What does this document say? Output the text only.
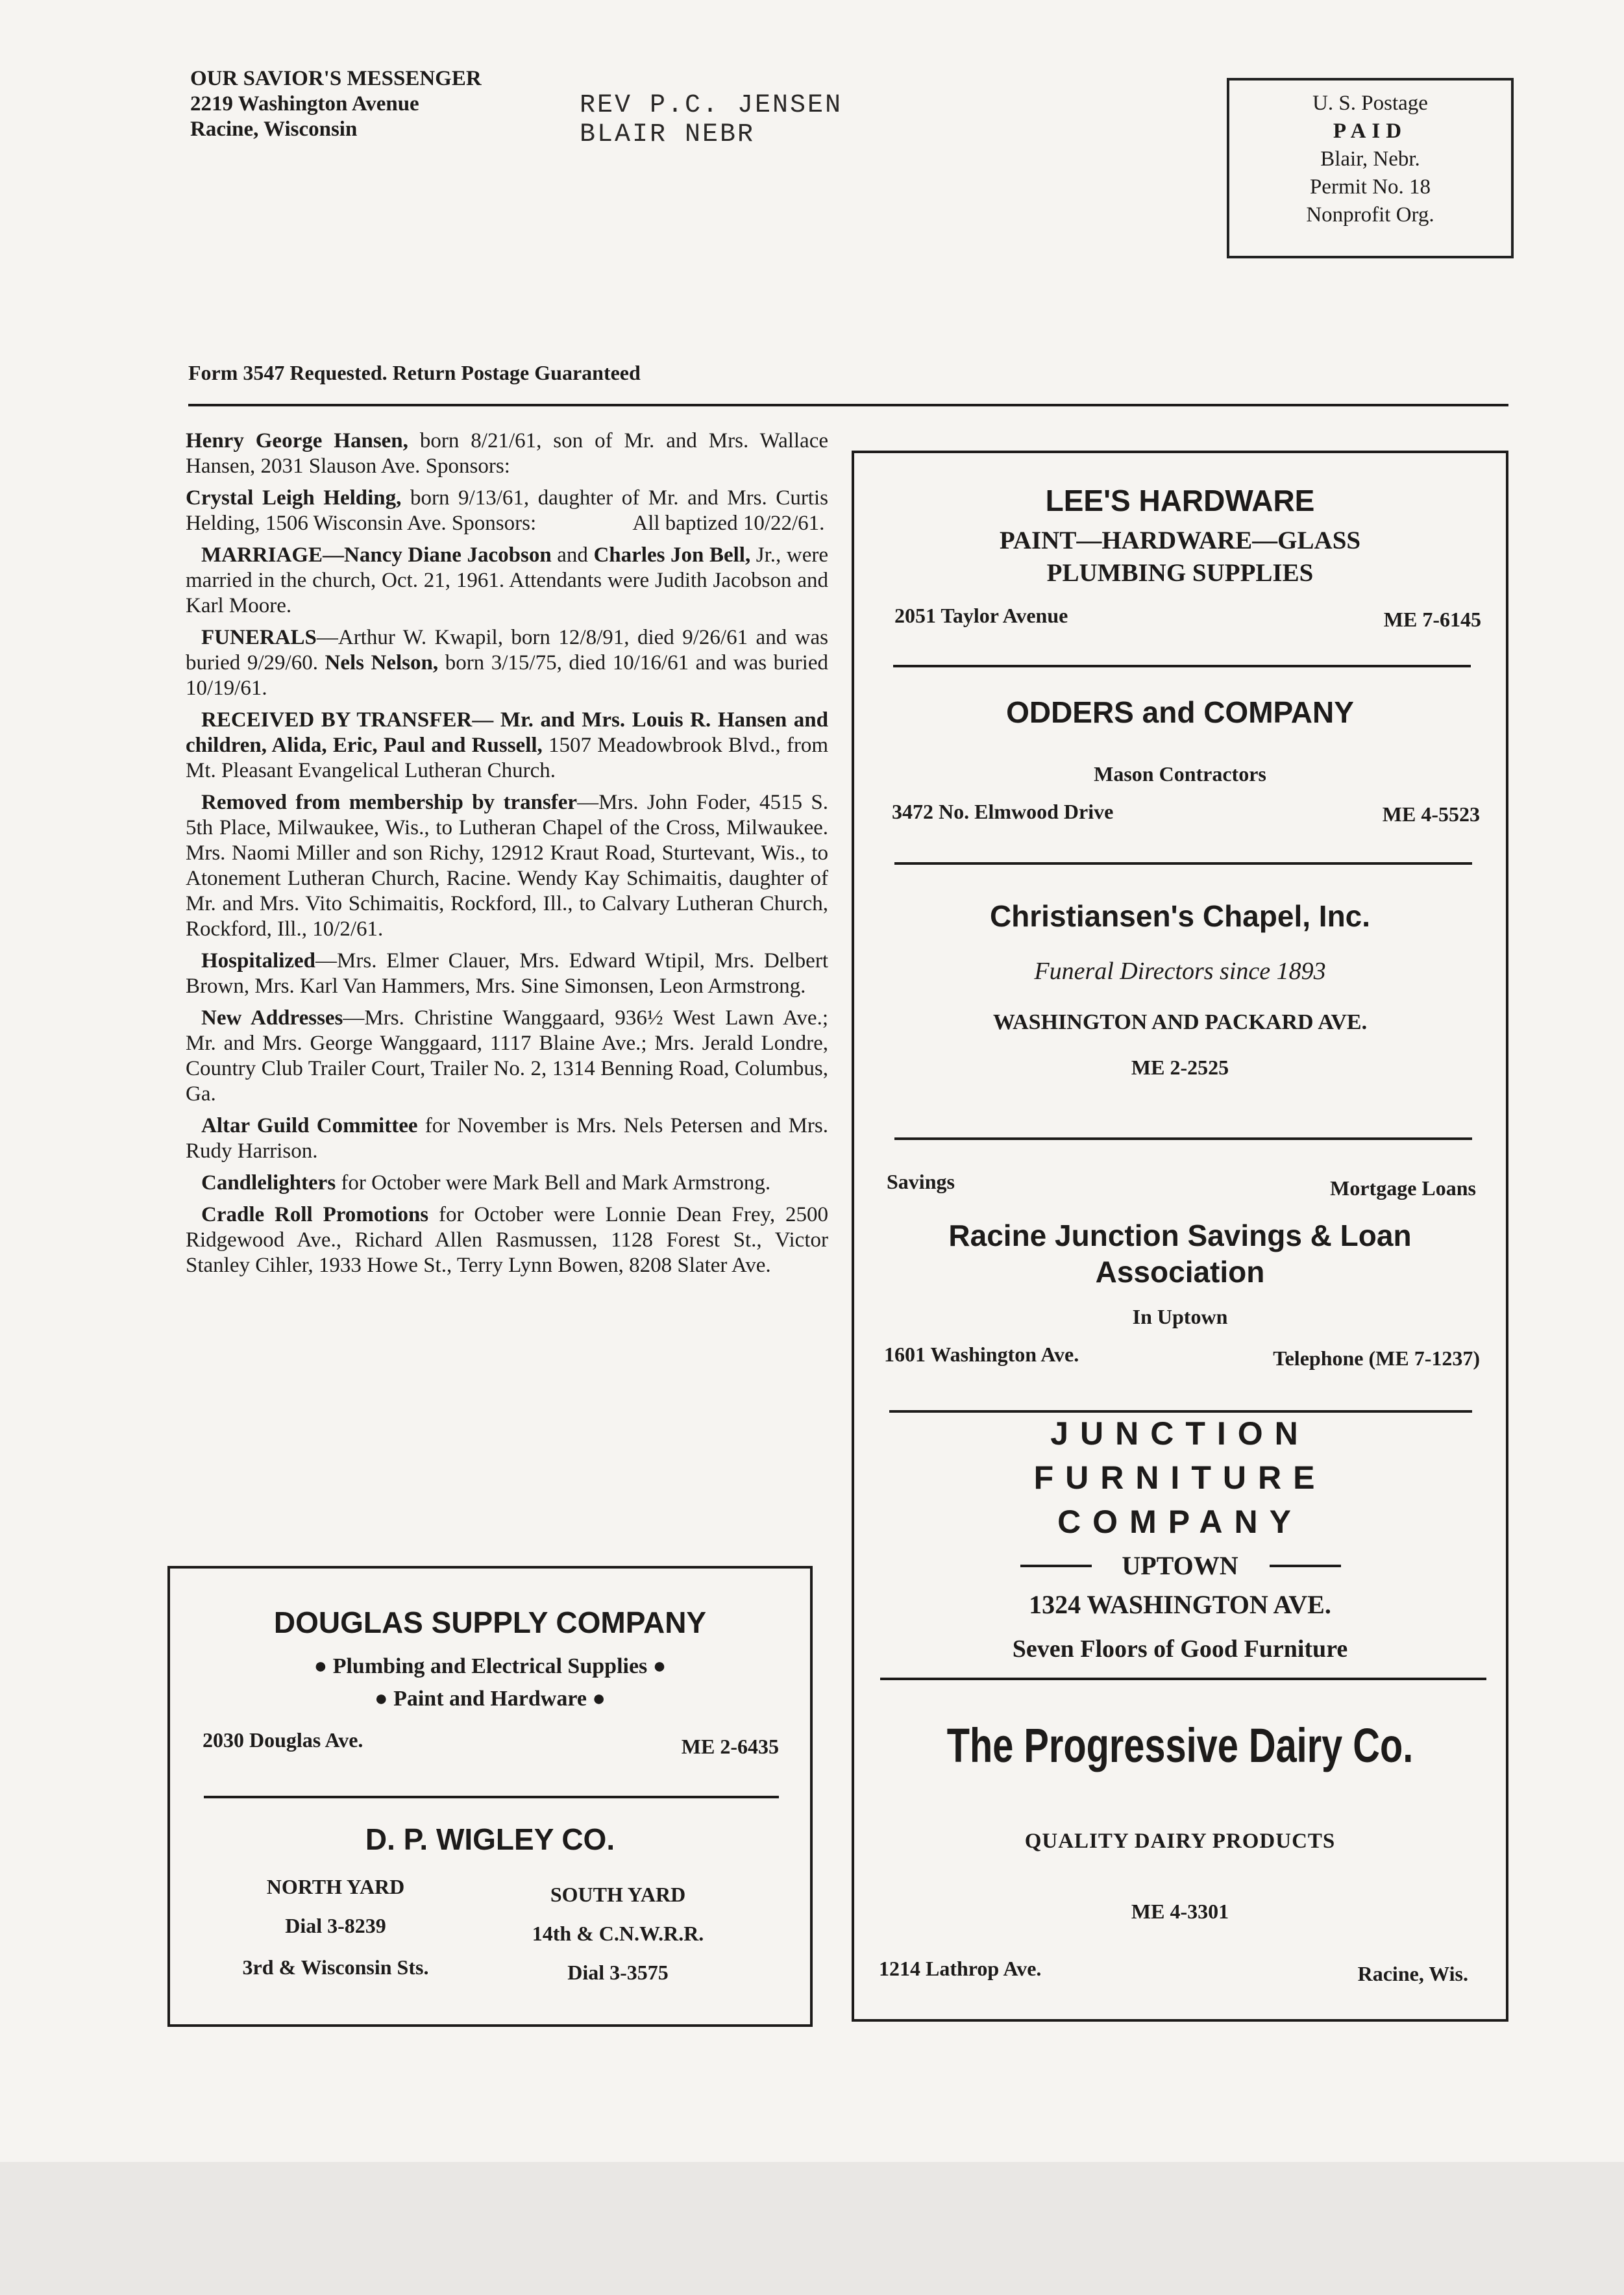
OUR SAVIOR'S MESSENGER
2219 Washington Avenue
Racine, Wisconsin
REV P.C. JENSEN
BLAIR NEBR
U. S. Postage
PAID
Blair, Nebr.
Permit No. 18
Nonprofit Org.
Form 3547 Requested. Return Postage Guaranteed

Henry George Hansen, born 8/21/61, son of Mr. and Mrs. Wallace Hansen, 2031 Slauson Ave. Sponsors:

Crystal Leigh Helding, born 9/13/61, daughter of Mr. and Mrs. Curtis Helding, 1506 Wisconsin Ave. Sponsors:	All baptized 10/22/61.

MARRIAGE—Nancy Diane Jacobson and Charles Jon Bell, Jr., were married in the church, Oct. 21, 1961. Attendants were Judith Jacobson and Karl Moore.

FUNERALS—Arthur W. Kwapil, born 12/8/91, died 9/26/61 and was buried 9/29/60. Nels Nelson, born 3/15/75, died 10/16/61 and was buried 10/19/61.

RECEIVED BY TRANSFER— Mr. and Mrs. Louis R. Hansen and children, Alida, Eric, Paul and Russell, 1507 Meadowbrook Blvd., from Mt. Pleasant Evangelical Lutheran Church.

Removed from membership by transfer—Mrs. John Foder, 4515 S. 5th Place, Milwaukee, Wis., to Lutheran Chapel of the Cross, Milwaukee. Mrs. Naomi Miller and son Richy, 12912 Kraut Road, Sturtevant, Wis., to Atonement Lutheran Church, Racine. Wendy Kay Schimaitis, daughter of Mr. and Mrs. Vito Schimaitis, Rockford, Ill., to Calvary Lutheran Church, Rockford, Ill., 10/2/61.

Hospitalized—Mrs. Elmer Clauer, Mrs. Edward Wtipil, Mrs. Delbert Brown, Mrs. Karl Van Hammers, Mrs. Sine Simonsen, Leon Armstrong.

New Addresses—Mrs. Christine Wanggaard, 936½ West Lawn Ave.; Mr. and Mrs. George Wanggaard, 1117 Blaine Ave.; Mrs. Jerald Londre, Country Club Trailer Court, Trailer No. 2, 1314 Benning Road, Columbus, Ga.

Altar Guild Committee for November is Mrs. Nels Petersen and Mrs. Rudy Harrison.

Candlelighters for October were Mark Bell and Mark Armstrong.

Cradle Roll Promotions for October were Lonnie Dean Frey, 2500 Ridgewood Ave., Richard Allen Rasmussen, 1128 Forest St., Victor Stanley Cihler, 1933 Howe St., Terry Lynn Bowen, 8208 Slater Ave.

DOUGLAS SUPPLY COMPANY
● Plumbing and Electrical Supplies ●
● Paint and Hardware ●
2030 Douglas Ave.	ME 2-6435
D. P. WIGLEY CO.
NORTH YARD
Dial 3-8239
3rd & Wisconsin Sts.
SOUTH YARD
14th & C.N.W.R.R.
Dial 3-3575
LEE'S HARDWARE
PAINT—HARDWARE—GLASS
PLUMBING SUPPLIES
2051 Taylor Avenue	ME 7-6145
ODDERS and COMPANY
Mason Contractors
3472 No. Elmwood Drive	ME 4-5523
Christiansen's Chapel, Inc.
Funeral Directors since 1893
WASHINGTON AND PACKARD AVE.
ME 2-2525
Savings	Mortgage Loans
Racine Junction Savings & Loan
Association
In Uptown
1601 Washington Ave.	Telephone (ME 7-1237)
JUNCTION
FURNITURE
COMPANY
UPTOWN
1324 WASHINGTON AVE.
Seven Floors of Good Furniture
The Progressive Dairy Co.
QUALITY DAIRY PRODUCTS
ME 4-3301
1214 Lathrop Ave.	Racine, Wis.
